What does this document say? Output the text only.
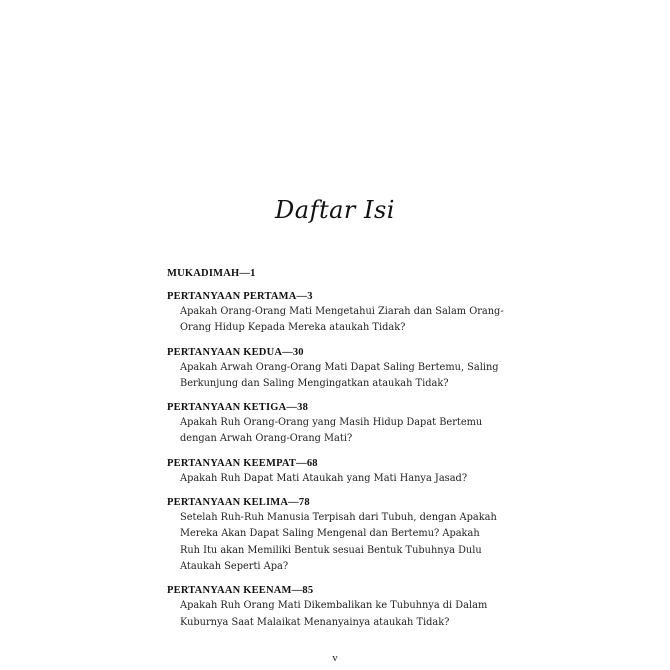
Daftar Isi
MUKADIMAH—1
PERTANYAAN PERTAMA—3
Apakah Orang-Orang Mati Mengetahui Ziarah dan Salam Orang-
Orang Hidup Kepada Mereka ataukah Tidak?
PERTANYAAN KEDUA—30
Apakah Arwah Orang-Orang Mati Dapat Saling Bertemu, Saling
Berkunjung dan Saling Mengingatkan ataukah Tidak?
PERTANYAAN KETIGA—38
Apakah Ruh Orang-Orang yang Masih Hidup Dapat Bertemu
dengan Arwah Orang-Orang Mati?
PERTANYAAN KEEMPAT—68
Apakah Ruh Dapat Mati Ataukah yang Mati Hanya Jasad?
PERTANYAAN KELIMA—78
Setelah Ruh-Ruh Manusia Terpisah dari Tubuh, dengan Apakah
Mereka Akan Dapat Saling Mengenal dan Bertemu? Apakah
Ruh Itu akan Memiliki Bentuk sesuai Bentuk Tubuhnya Dulu
Ataukah Seperti Apa?
PERTANYAAN KEENAM—85
Apakah Ruh Orang Mati Dikembalikan ke Tubuhnya di Dalam
Kuburnya Saat Malaikat Menanyainya ataukah Tidak?
v
